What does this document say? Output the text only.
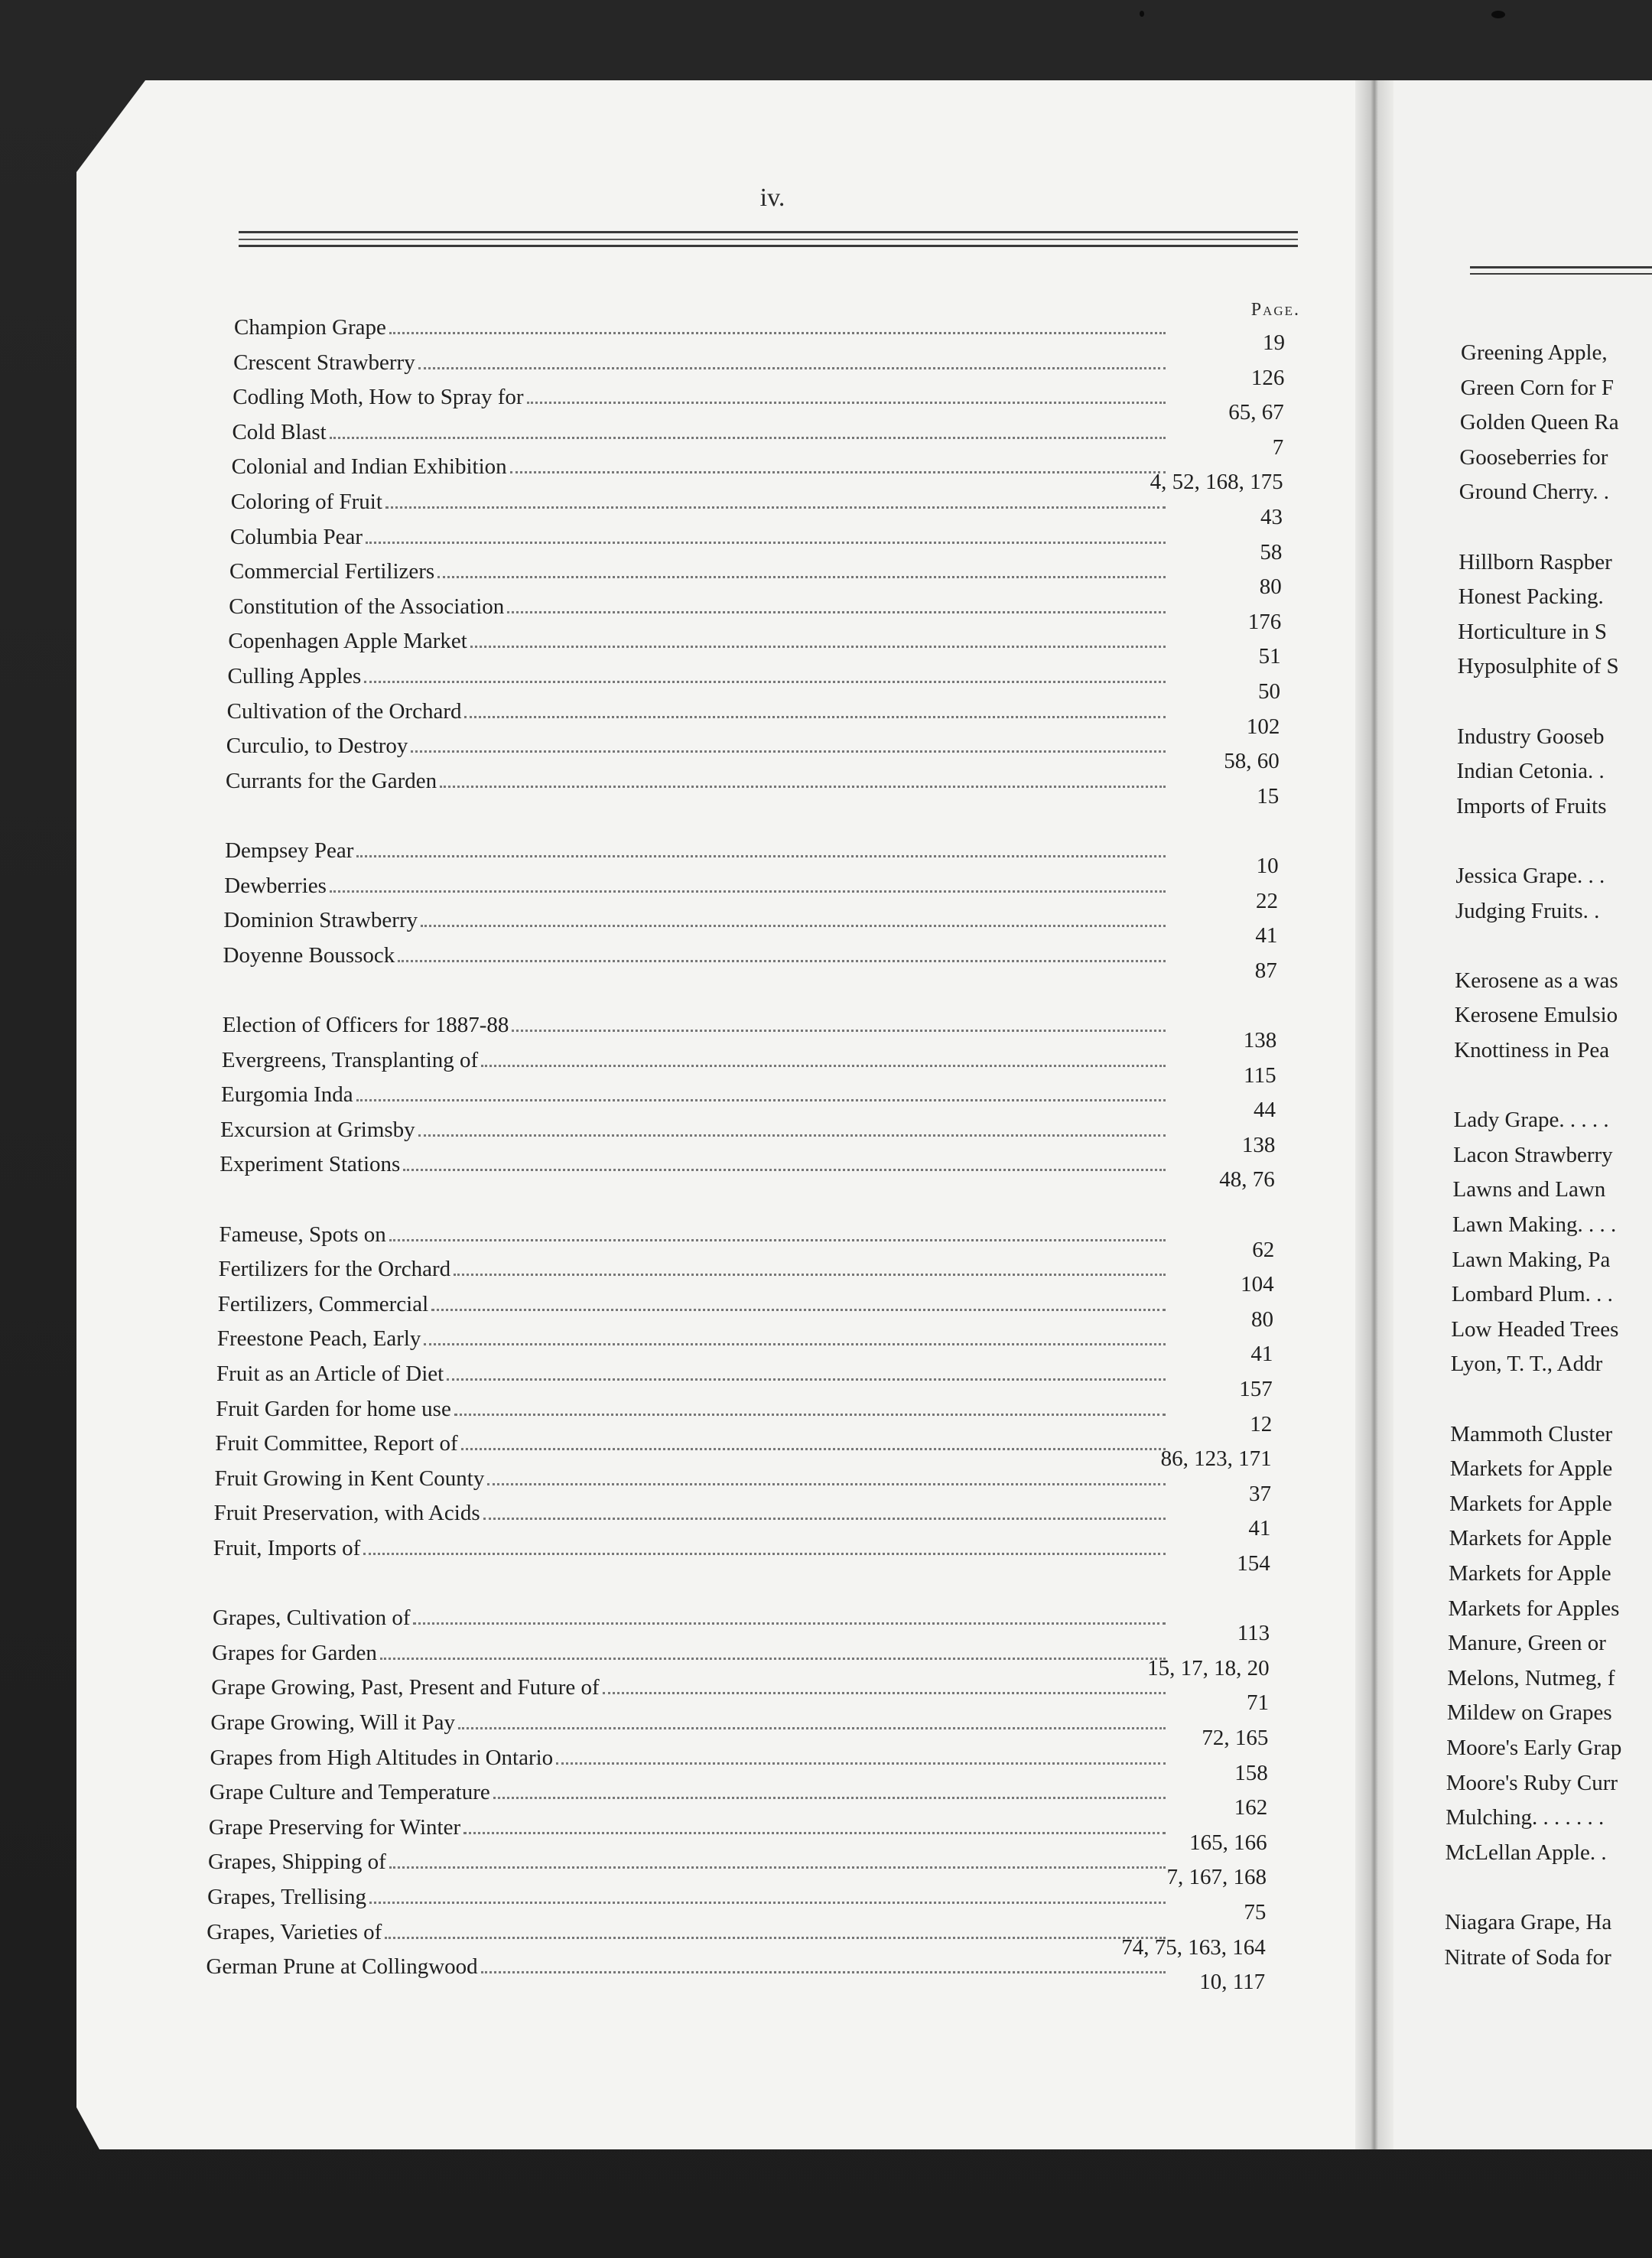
iv.
Page.
Champion Grape
Crescent Strawberry
Codling Moth, How to Spray for
Cold Blast
Colonial and Indian Exhibition
Coloring of Fruit
Columbia Pear
Commercial Fertilizers
Constitution of the Association
Copenhagen Apple Market
Culling Apples
Cultivation of the Orchard
Curculio, to Destroy
Currants for the Garden
Dempsey Pear
Dewberries
Dominion Strawberry
Doyenne Boussock
Election of Officers for 1887-88
Evergreens, Transplanting of
Eurgomia Inda
Excursion at Grimsby
Experiment Stations
Fameuse, Spots on
Fertilizers for the Orchard
Fertilizers, Commercial
Freestone Peach, Early
Fruit as an Article of Diet
Fruit Garden for home use
Fruit Committee, Report of
Fruit Growing in Kent County
Fruit Preservation, with Acids
Fruit, Imports of
Grapes, Cultivation of
Grapes for Garden
Grape Growing, Past, Present and Future of
Grape Growing, Will it Pay
Grapes from High Altitudes in Ontario
Grape Culture and Temperature
Grape Preserving for Winter
Grapes, Shipping of
Grapes, Trellising
Grapes, Varieties of
German Prune at Collingwood
19
126
65, 67
7
4, 52, 168, 175
43
58
80
176
51
50
102
58, 60
15
10
22
41
87
138
115
44
138
48, 76
62
104
80
41
157
12
86, 123, 171
37
41
154
113
15, 17, 18, 20
71
72, 165
158
162
165, 166
7, 167, 168
75
74, 75, 163, 164
10, 117
Greening Apple,
Green Corn for F
Golden Queen Ra
Gooseberries for
Ground Cherry. .
Hillborn Raspber
Honest Packing.
Horticulture in S
Hyposulphite of S
Industry Gooseb
Indian Cetonia. .
Imports of Fruits
Jessica Grape. . .
Judging Fruits. .
Kerosene as a was
Kerosene Emulsio
Knottiness in Pea
Lady Grape. . . . .
Lacon Strawberry
Lawns and Lawn
Lawn Making. . . .
Lawn Making, Pa
Lombard Plum. . .
Low Headed Trees
Lyon, T. T., Addr
Mammoth Cluster
Markets for Apple
Markets for Apple
Markets for Apple
Markets for Apple
Markets for Apples
Manure, Green or
Melons, Nutmeg, f
Mildew on Grapes
Moore's Early Grap
Moore's Ruby Curr
Mulching. . . . . . .
McLellan Apple. .
Niagara Grape, Ha
Nitrate of Soda for
